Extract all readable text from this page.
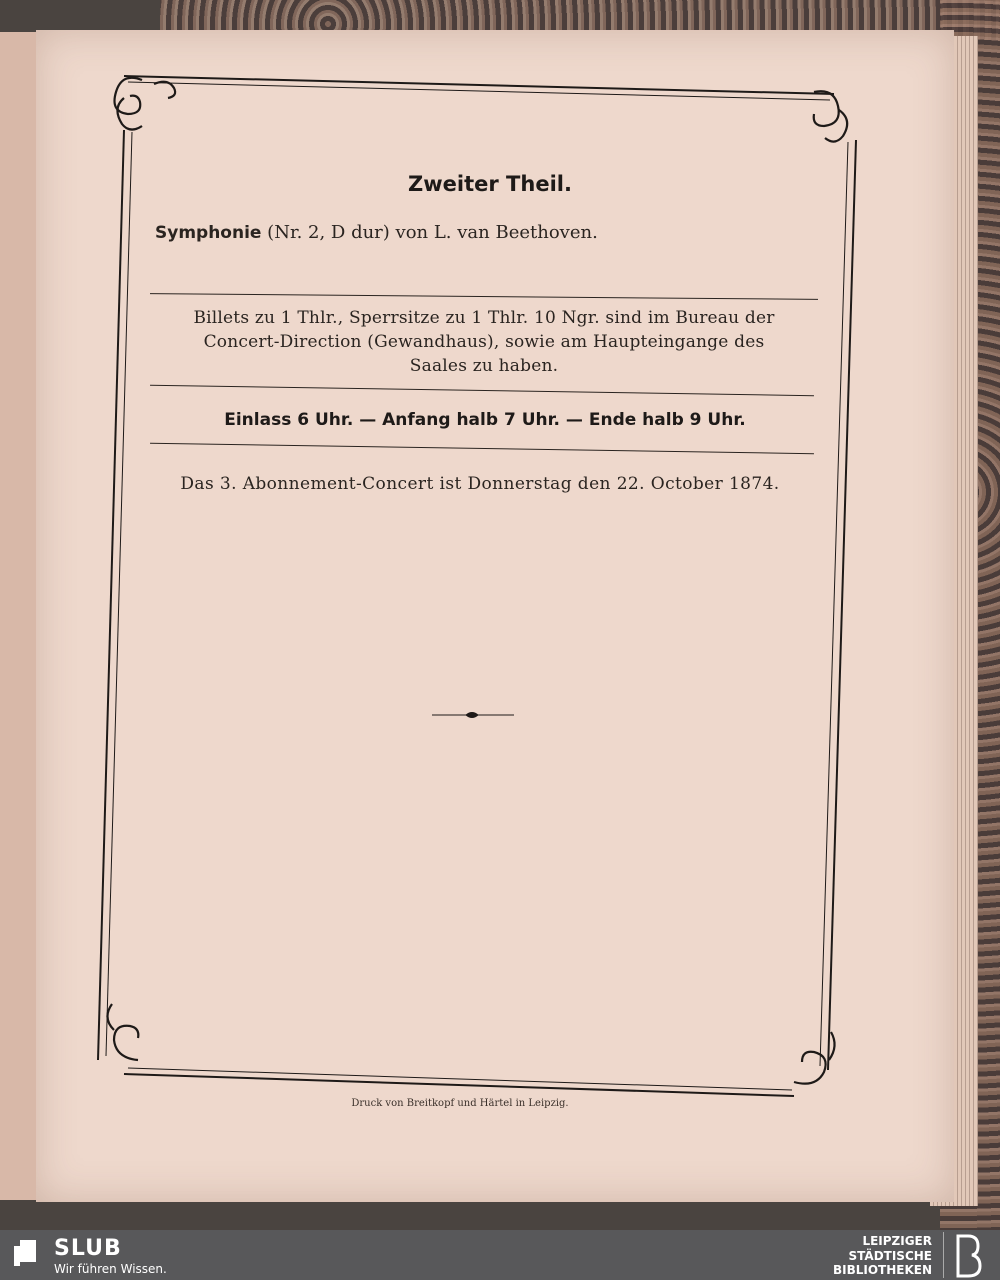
Zweiter Theil.
Symphonie (Nr. 2, D dur) von L. van Beethoven.
Billets zu 1 Thlr., Sperrsitze zu 1 Thlr. 10 Ngr. sind im Bureau der
Concert-Direction (Gewandhaus), sowie am Haupteingange des
Saales zu haben.
Einlass 6 Uhr. — Anfang halb 7 Uhr. — Ende halb 9 Uhr.
Das 3. Abonnement-Concert ist Donnerstag den 22. October 1874.
Druck von Breitkopf und Härtel in Leipzig.
SLUB
Wir führen Wissen.
LEIPZIGER
STÄDTISCHE
BIBLIOTHEKEN
